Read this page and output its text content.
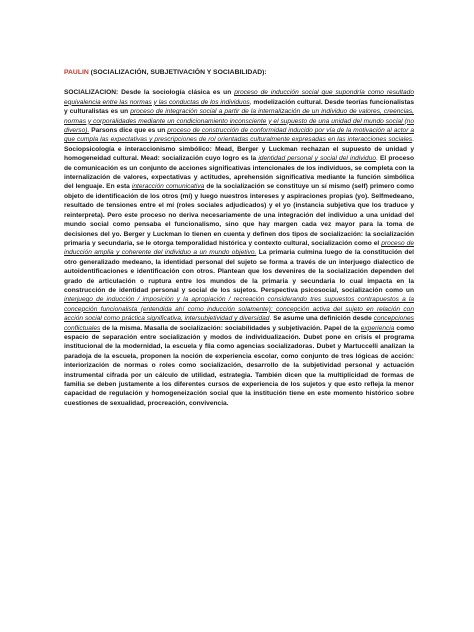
PAULIN (SOCIALIZACIÓN, SUBJETIVACIÓN Y SOCIABILIDAD):

SOCIALIZACION: Desde la sociología clásica es un proceso de inducción social que supondría como resultado equivalencia entre las normas y las conductas de los individuos, modelización cultural. Desde teorías funcionalistas y culturalistas es un proceso de integración social a partir de la internalización de un individuo de valores, creencias, normas y corporalidades mediante un condicionamiento inconsciente y el supuesto de una unidad del mundo social (no diverso). Parsons dice que es un proceso de construcción de conformidad inducido por vía de la motivación al actor a que cumpla las expectativas y prescripciones de rol orientadas culturalmente expresadas en las interacciones sociales. Sociopsicología e interaccionismo simbólico: Mead, Berger y Luckman rechazan el supuesto de unidad y homogeneidad cultural. Mead: socialización cuyo logro es la identidad personal y social del individuo. El proceso de comunicación es un conjunto de acciones significativas intencionales de los individuos, se completa con la internalización de valores, expectativas y actitudes, aprehensión significativa mediante la función simbólica del lenguaje. En esta interacción comunicativa de la socialización se constituye un sí mismo (self) primero como objeto de identificación de los otros (mí) y luego nuestros intereses y aspiraciones propias (yo). Selfmedeano, resultado de tensiones entre el mí (roles sociales adjudicados) y el yo (instancia subjetiva que los traduce y reinterpreta). Pero este proceso no deriva necesariamente de una integración del individuo a una unidad del mundo social como pensaba el funcionalismo, sino que hay margen cada vez mayor para la toma de decisiones del yo. Berger y Luckman lo tienen en cuenta y definen dos tipos de socialización: la socialización primaria y secundaria, se le otorga temporalidad histórica y contexto cultural, socialización como el proceso de inducción amplia y coherente del individuo a un mundo objetivo. La primaria culmina luego de la constitución del otro generalizado medeano, la identidad personal del sujeto se forma a través de un interjuego dialectico de autoidentificaciones e identificación con otros. Plantean que los devenires de la socialización dependen del grado de articulación o ruptura entre los mundos de la primaria y secundaria lo cual impacta en la construcción de identidad personal y social de los sujetos. Perspectiva psicosocial, socialización como un interjuego de inducción / imposición y la apropiación / recreación considerando tres supuestos contrapuestos a la concepción funcionalista (entendida ahí como inducción solamente): concepción activa del sujeto en relación con acción social como práctica significativa, intersubjetividad y diversidad. Se asume una definición desde concepciones conflictuales de la misma. Masalla de socialización: sociabilidades y subjetivación. Papel de la experiencia como espacio de separación entre socialización y modos de individualización. Dubet pone en crisis el programa institucional de la modernidad, la escuela y flia como agencias socializadoras. Dubet y Martuccelli analizan la paradoja de la escuela, proponen la noción de experiencia escolar, como conjunto de tres lógicas de acción: interiorización de normas o roles como socialización, desarrollo de la subjetividad personal y actuación instrumental cifrada por un cálculo de utilidad, estrategia. También dicen que la multiplicidad de formas de familia se deben justamente a los diferentes cursos de experiencia de los sujetos y que esto refleja la menor capacidad de regulación y homogeneización social que la institución tiene en este momento histórico sobre cuestiones de sexualidad, procreación, convivencia.
